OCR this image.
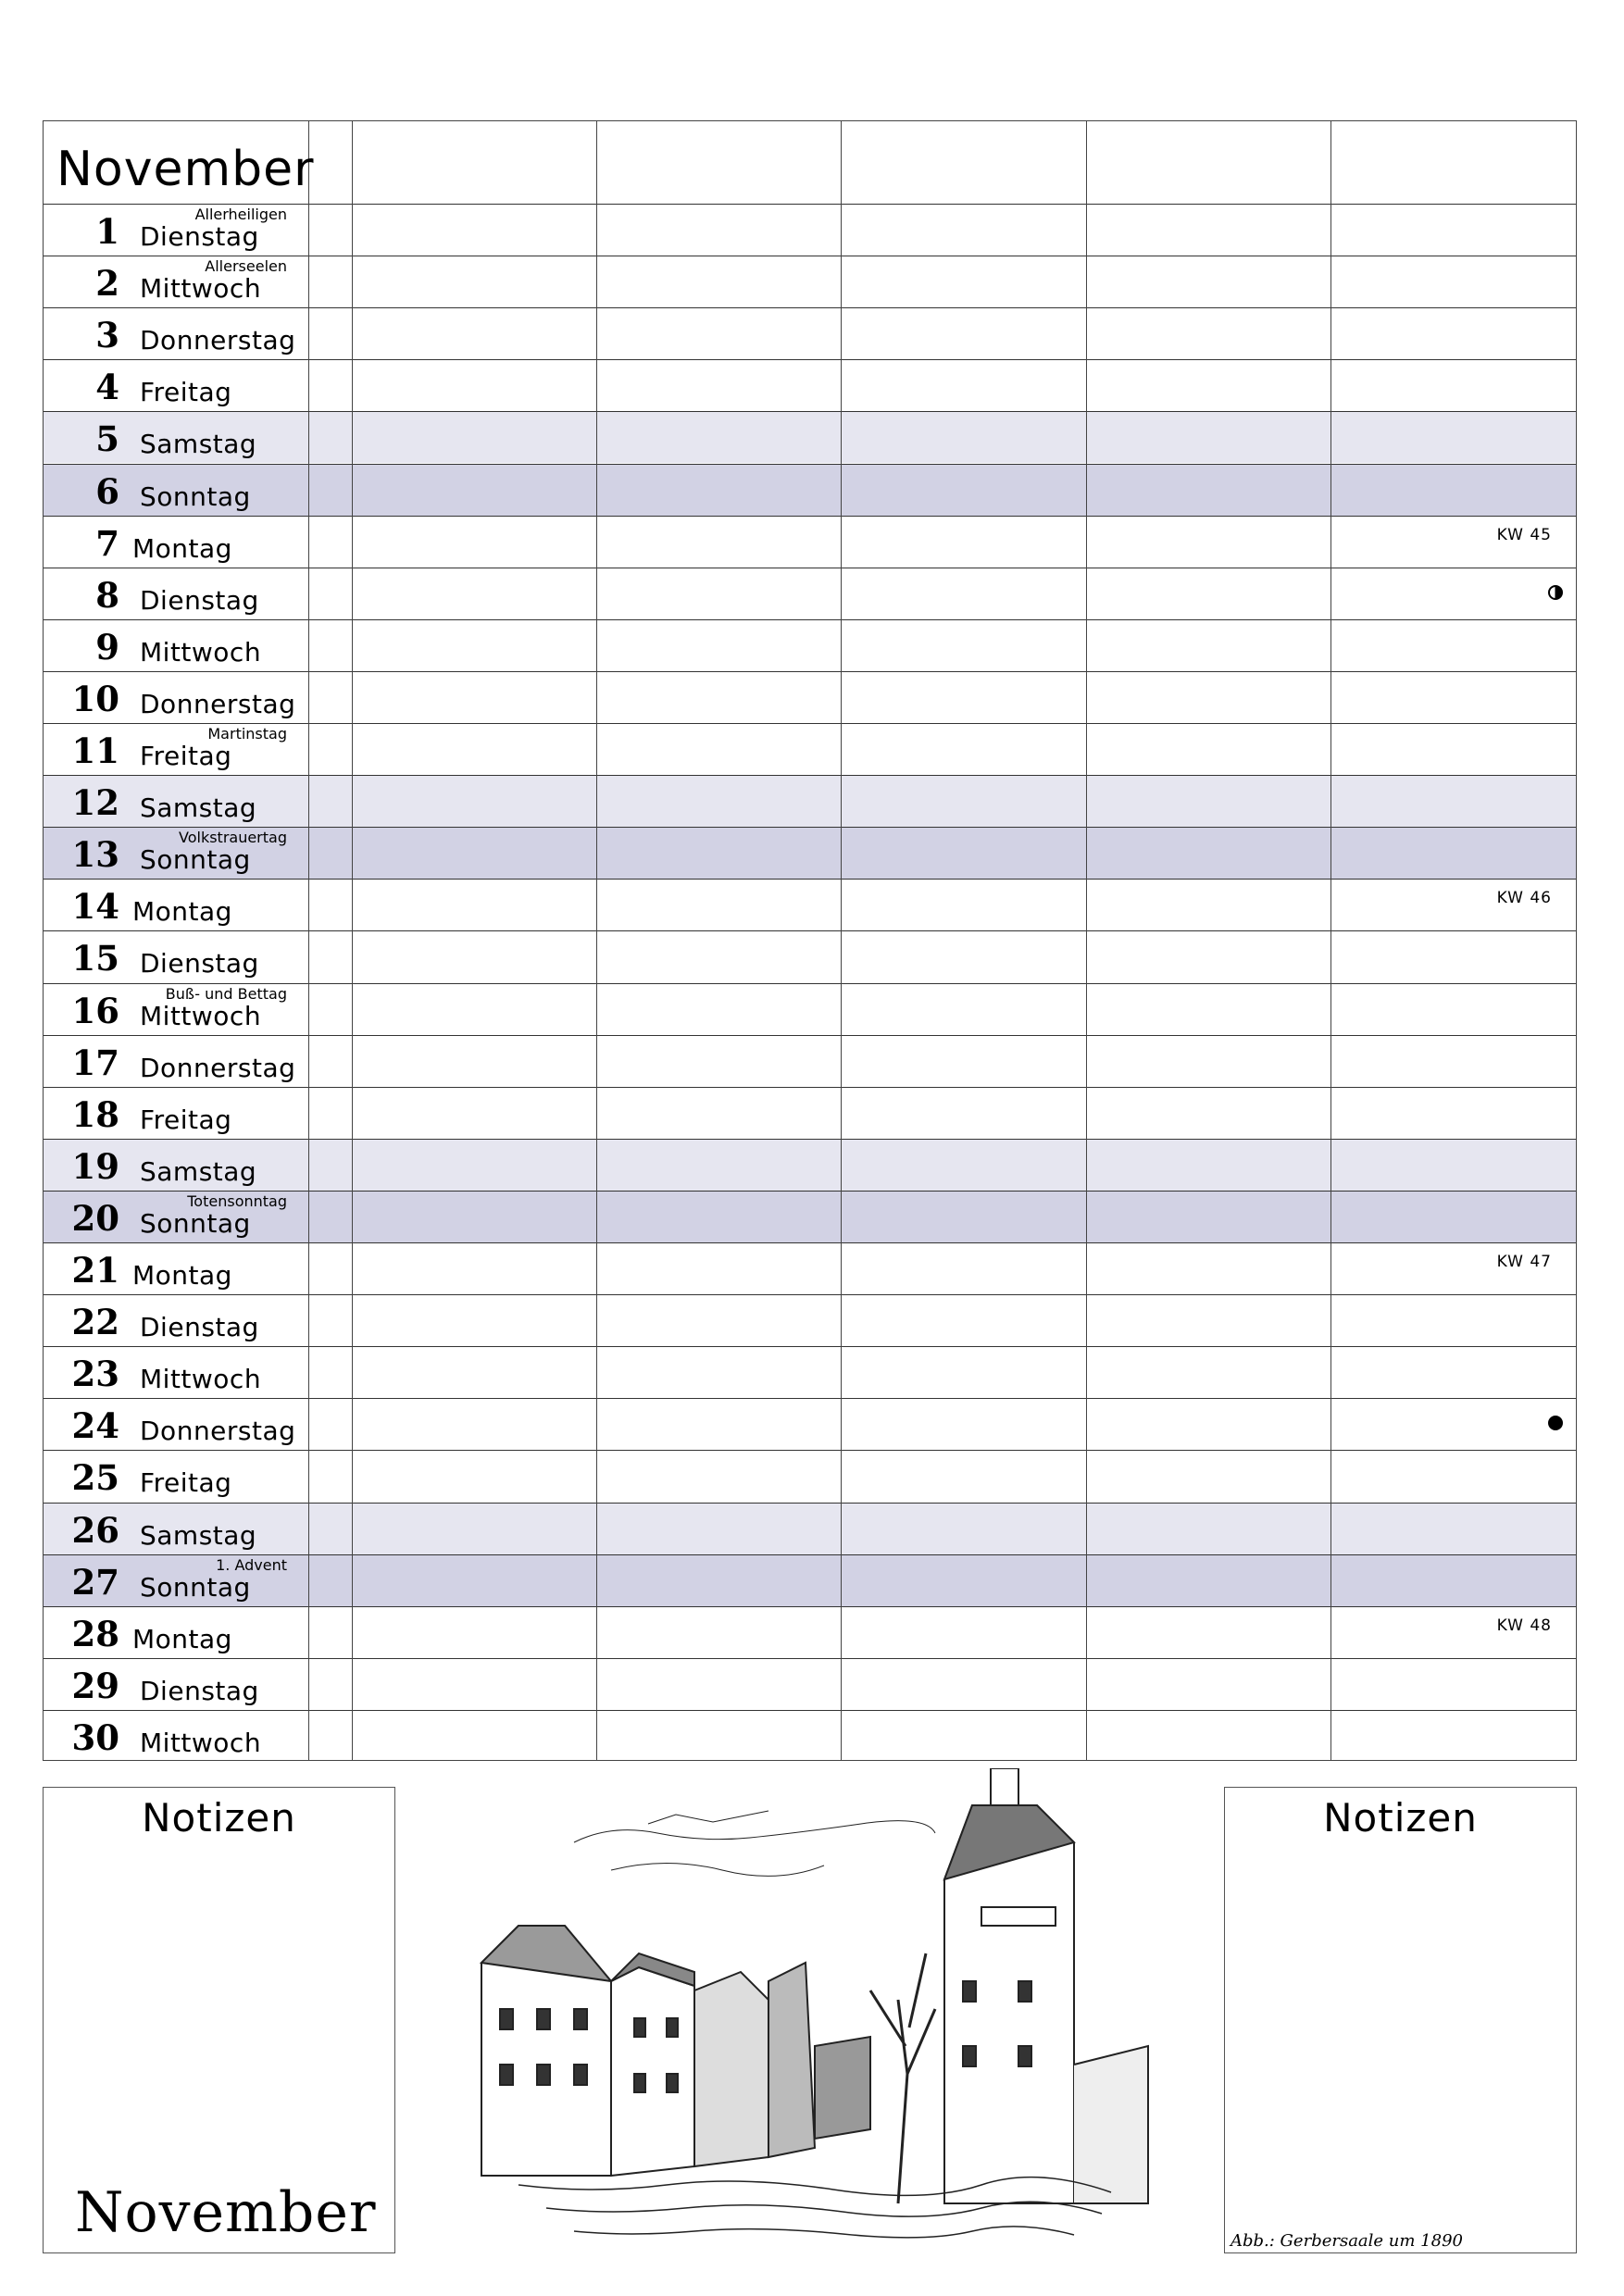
1 Dienstag
Allerheiligen
2 Mittwoch
Allerseelen
3 Donnerstag
4 Freitag
5 Samstag
6 Sonntag
7 Montag	KW 45
8 Dienstag
9 Mittwoch
10 Donnerstag
11 Freitag
Martinstag
12 Samstag
13 Sonntag
Volkstrauertag
14 Montag	KW 46
15 Dienstag
16 Mittwoch
Buß- und Bettag
17 Donnerstag
18 Freitag
19 Samstag
20 Sonntag
Totensonntag
21 Montag	KW 47
22 Dienstag
23 Mittwoch
24 Donnerstag
25 Freitag
26 Samstag
27 Sonntag
1. Advent
28 Montag	KW 48
29 Dienstag
30 Mittwoch
November
Notizen
November
Notizen
Abb.: Gerbersaale um 1890
